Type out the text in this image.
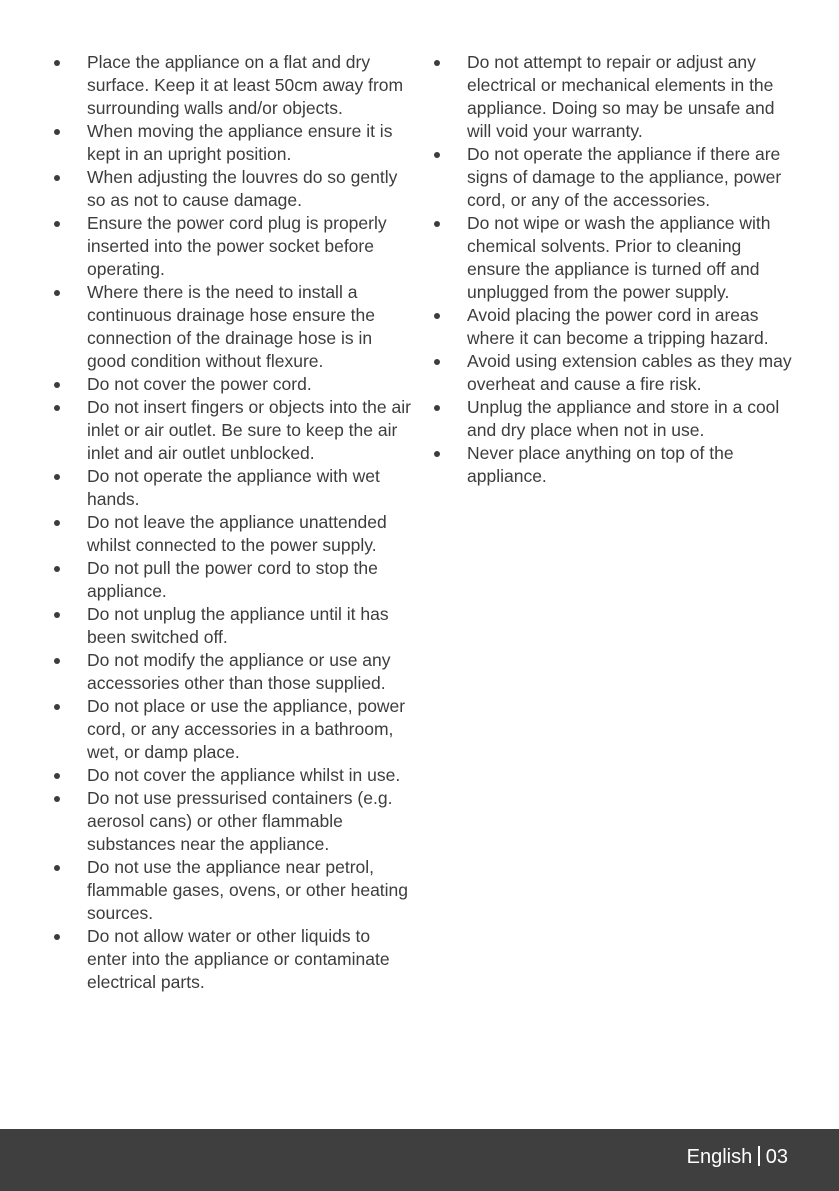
Place the appliance on a flat and dry surface. Keep it at least 50cm away from surrounding walls and/or objects.
When moving the appliance ensure it is kept in an upright position.
When adjusting the louvres do so gently so as not to cause damage.
Ensure the power cord plug is properly inserted into the power socket before operating.
Where there is the need to install a continuous drainage hose ensure the connection of the drainage hose is in good condition without flexure.
Do not cover the power cord.
Do not insert fingers or objects into the air inlet or air outlet. Be sure to keep the air inlet and air outlet unblocked.
Do not operate the appliance with wet hands.
Do not leave the appliance unattended whilst connected to the power supply.
Do not pull the power cord to stop the appliance.
Do not unplug the appliance until it has been switched off.
Do not modify the appliance or use any accessories other than those supplied.
Do not place or use the appliance, power cord, or any accessories in a bathroom, wet, or damp place.
Do not cover the appliance whilst in use.
Do not use pressurised containers (e.g. aerosol cans) or other flammable substances near the appliance.
Do not use the appliance near petrol, flammable gases, ovens, or other heating sources.
Do not allow water or other liquids to enter into the appliance or contaminate electrical parts.
Do not attempt to repair or adjust any electrical or mechanical elements in the appliance. Doing so may be unsafe and will void your warranty.
Do not operate the appliance if there are signs of damage to the appliance, power cord, or any of the accessories.
Do not wipe or wash the appliance with chemical solvents. Prior to cleaning ensure the appliance is turned off and unplugged from the power supply.
Avoid placing the power cord in areas where it can become a tripping hazard.
Avoid using extension cables as they may overheat and cause a fire risk.
Unplug the appliance and store in a cool and dry place when not in use.
Never place anything on top of the appliance.
English 03
